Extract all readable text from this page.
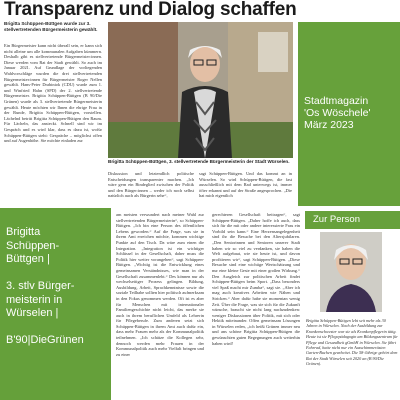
Transparenz und Dialog schaffen
Brigitta Schüppen-Büttgen wurde zur 3. stellvertretenden Bürgermeisterin gewählt.
Ein Bürgermeister kann nicht überall sein, er kann sich nicht alleine um alle kommunalen Aufgaben kümmern. Deshalb gibt es stellvertretende Bürgermeister:innen. Diese werden vom Rat der Stadt gewählt. So auch im Januar 2021. Auf Grundlage der vorliegenden Wahlvorschläge wurden die drei stellvertretenden Bürgermeister:innen für Bürgermeister Roger Nellen gewählt. Hans-Peter Drabiniok (CDU) wurde zum 1. und Winfried Hahn (SPD) der 2. stellvertretende Bürgermeister. Brigitta Schüppen-Büttgen (B 90/Die Grünen) wurde als 3. stellvertretende Bürgermeisterin gewählt. Heute möchten wir Ihnen die ehrige Frau in der Runde, Brigitta Schüppen-Büttgen, vorstellen. Lächelnd betritt Brigitta Schüppen-Büttgen den Raum. Für Lächeln, das ansteckt. Schnell sind wir im Gespräch und es wird klar, dass es dazu ist, wofür Schüppen-Büttgen steht: Gespräche – möglichst offen und auf Augenhöhe. Sie möchte einladen zur
Brigitta Schüppen-Büttgen, 3. stellvertretende Bürgermeisterin der Stadt Würselen.
Diskussion und letztendlich politische Entscheidungen transparenter machen. „Ich wäre gern ein Bindeglied zwischen der Politik und den Bürger:innen – weder ich noch selbst natürlich auch als Bürgerin sehe“,
sagt Schüppen-Büttgen. Und das kommt an in Würselen. So wird Schüppen-Büttgen, die fast ausschließlich mit dem Rad unterwegs ist, immer öfter erkannt und auf der Straße angesprochen. „Die hat mich eigentlich
Stadtmagazin
'Os Wöschele'
März 2023
Brigitta
Schüppen-
Büttgen |

3. stlv Bürger-
meisterin in
Würselen |

B'90|DieGrünen
am meisten verwundert nach meiner Wahl zur stellvertretenden Bürgermeisterin“, so Schüppen-Büttgen. „Ich bin eine Person des öffentlichen Lebens geworden.“ Auf die Frage, was sie in ihrem Amt erreichen möchte, kommen wichtige Punkte auf den Tisch. Da wäre zum einen die Integration. „Integration ist ein wichtiger Schlüssel in der Gesellschaft, daher muss die Politik hier weiter vorangehen“, sagt Schüppen-Büttgen. „Wichtig ist die Entwicklung eines gemeinsamen Verständnisses, wie man in der Gesellschaft zusammenlebt.“ Des können nur als wechselseitiger Prozess gelingen. Bildung, Ausbildung, Arbeit, Sprachkenntnisse sowie die soziale Teilhabe sollten hier politisch aufmerksam in den Fokus genommen werden. Oft ist es aber für Menschen mit internationaler Familiengeschichte nicht leicht, das merke sie auch in ihrem beruflichen Umfeld als Lehrerin für Pflegeberufe. Zum anderen setzt sich Schüppen-Büttgen in ihrem Amt auch dafür ein, dass mehr Frauen mehr als der Kommunalpolitik teilnehmen. „Ich schätze die Kollegen sehr, dennoch werden mehr Frauen in der Kommunalpolitik auch mehr Vielfalt bringen und zu einer
gerechteren Gesellschaft beitragen“, sagt Schüppen-Büttgen. „Daher hoffe ich auch, dass sich für die mit oder andere interessierte Frau ein Vorbild sein kann.“ Eine Herzensangelegenheit sind ihr die Besuche bei den Altersjubilaren. „Den Seniorinnen und Senioren unserer Stadt haben wir so viel zu verdanken, sie haben die Welt aufgebaut, wie sie heute ist, und davon profitieren wir“, sagt Schüppen-Büttgen. „Diese Besuche sind eine wichtige Wertschätzung und nur eine kleine Geste mit einer großen Wirkung.“ Den Ausgleich zur politischen Arbeit findet Schüppen-Büttgen beim Sport. „Dass besonders viel Spaß macht mir Zumba“, sagt sie. „Aber ich mag auch kreatives Arbeiten wie Nähen und Stricken.“ Aber dafür habe sie momentan wenig Zeit. Über die Frage, was sie sich für die Zukunft wünsche, braucht sie nicht lang nachzudenken: weniger Diskussionen über Politik, mit sich oder Hektik miteinander. Offen gemeinsam Lösungen in Würselen reden, „ich heißt Grünen immer neu und ans schöne Brigitta Schüppen-Büttgen die gewünschten guten Begegnungen auch weiterhin haben wird!
Zur Person
Brigitta Schüppen-Büttgen lebt seit mehr als 30 Jahren in Würselen. Nach der Ausbildung zur Krankenschwester war sie als Krankenpflegerin tätig. Heute ist sie Pflegepädagogin am Bildungszentrum für Pflege und Gesundheit gGmbH in Würselen. Sie fährt Fahrrad, hatte nicht nur ein Ausschimmerästen Garten-Buchen gearbeitet. Die 58-Jährige gehört dem Rat der Stadt Würselen seit 2020 an (B 90/Die Grünen).
